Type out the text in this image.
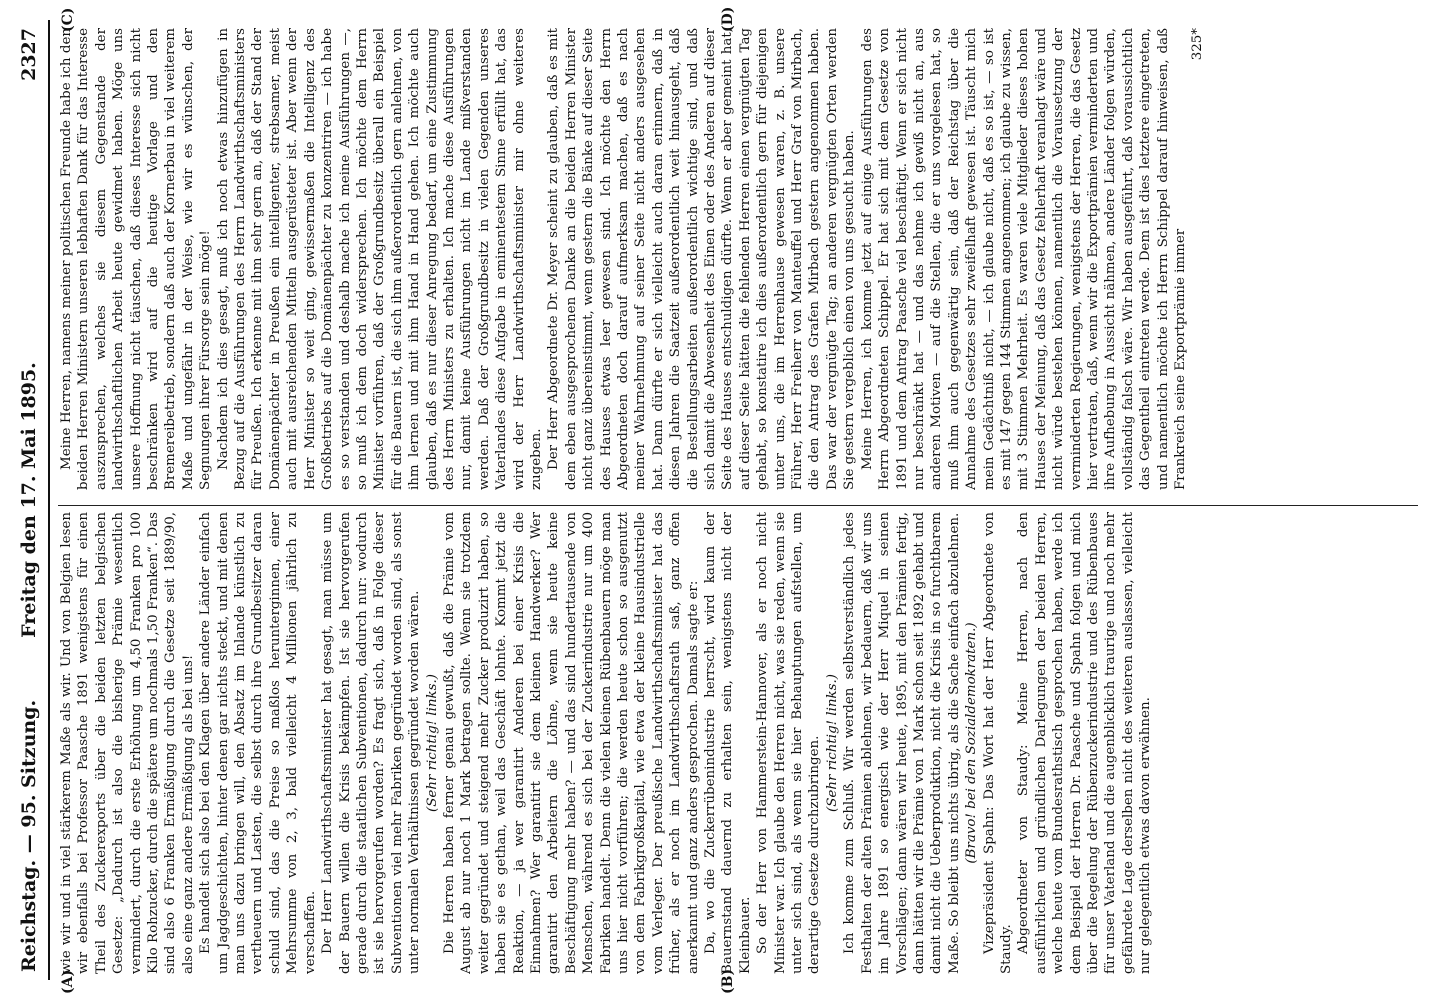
Reichstag. — 95. Sitzung.
Freitag den 17. Mai 1895.
2327
(A)	(B)
(C)	(D)

wie wir und in viel stärkerem Maße als wir. Und von Belgien lesen wir ebenfalls bei Professor Paasche 1891 wenigstens für einen Theil des Zuckerexports über die beiden letzten belgischen Gesetze: „Dadurch ist also die bisherige Prämie wesentlich vermindert, durch die erste Erhöhung um 4,50 Franken pro 100 Kilo Rohzucker, durch die spätere um nochmals 1,50 Franken“. Das sind also 6 Franken Ermäßigung durch die Gesetze seit 1889/90, also eine ganz andere Ermäßigung als bei uns! Es handelt sich also bei den Klagen über andere Länder einfach um Jagdgeschichten, hinter denen gar nichts steckt, und mit denen man uns dazu bringen will, den Absatz im Inlande künstlich zu vertheuern und Lasten, die selbst durch ihre Grundbesitzer daran schuld sind, das die Preise so maßlos herunterginnen, einer Mehrsumme von 2, 3, bald vielleicht 4 Millionen jährlich zu verschaffen. Der Herr Landwirthschaftsminister hat gesagt, man müsse um der Bauern willen die Krisis bekämpfen. Ist sie hervorgerufen gerade durch die staatlichen Subventionen, dadurch nur: wodurch ist sie hervorgerufen worden? Es fragt sich, daß in Folge dieser Subventionen viel mehr Fabriken gegründet worden sind, als sonst unter normalen Verhältnissen gegründet worden wären. (Sehr richtig! links.) Die Herren haben ferner genau gewußt, daß die Prämie vom August ab nur noch 1 Mark betragen sollte. Wenn sie trotzdem weiter gegründet und steigend mehr Zucker produzirt haben, so haben sie es gethan, weil das Geschäft lohnte. Kommt jetzt die Reaktion, — ja wer garantirt Anderen bei einer Krisis die Einnahmen? Wer garantirt sie dem kleinen Handwerker? Wer garantirt den Arbeitern die Löhne, wenn sie heute keine Beschäftigung mehr haben? — und das sind hunderttausende von Menschen, während es sich bei der Zuckerindustrie nur um 400 Fabriken handelt. Denn die vielen kleinen Rübenbauern möge man uns hier nicht vorführen; die werden heute schon so ausgenutzt von dem Fabrikgroßkapital, wie etwa der kleine Hausindustrielle vom Verleger. Der preußische Landwirthschaftsminister hat das früher, als er noch im Landwirthschaftsrath saß, ganz offen anerkannt und ganz anders gesprochen. Damals sagte er: Da, wo die Zuckerrübenindustrie herrscht, wird kaum der Bauernstand dauernd zu erhalten sein, wenigstens nicht der Kleinbauer. So der Herr von Hammerstein-Hannover, als er noch nicht Minister war. Ich glaube den Herren nicht, was sie reden, wenn sie unter sich sind, als wenn sie hier Behauptungen aufstellen, um derartige Gesetze durchzubringen. (Sehr richtig! links.) Ich komme zum Schluß. Wir werden selbstverständlich jedes Festhalten der alten Prämien ablehnen, wir bedauern, daß wir uns im Jahre 1891 so energisch wie der Herr Miquel in seinen Vorschlägen; dann wären wir heute, 1895, mit den Prämien fertig, dann hätten wir die Prämie von 1 Mark schon seit 1892 gehabt und damit nicht die Ueberproduktion, nicht die Krisis in so furchtbarem Maße. So bleibt uns nichts übrig, als die Sache einfach abzulehnen. (Bravo! bei den Sozialdemokraten.) Vizepräsident Spahn: Das Wort hat der Herr Abgeordnete von Staudy. Abgeordneter von Staudy: Meine Herren, nach den ausführlichen und gründlichen Darlegungen der beiden Herren, welche heute vom Bundesrathstisch gesprochen haben, werde ich dem Beispiel der Herren Dr. Paasche und Spahn folgen und mich über die Regelung der Rübenzuckerindustrie und des Rübenbaues für unser Vaterland und die augenblicklich traurige und noch mehr gefährdete Lage derselben nicht des weiteren auslassen, vielleicht nur gelegentlich etwas davon erwähnen.

Meine Herren, namens meiner politischen Freunde habe ich den beiden Herren Ministern unseren lebhaften Dank für das Interesse auszusprechen, welches sie diesem Gegenstande der landwirthschaftlichen Arbeit heute gewidmet haben. Möge uns unsere Hoffnung nicht täuschen, daß dieses Interesse sich nicht beschränken wird auf die heutige Vorlage und den Bremereibetrieb, sondern daß auch der Kornerbau in viel weiterem Maße und ungefähr in der Weise, wie wir es wünschen, der Segnungen ihrer Fürsorge sein möge! Nachdem ich dies gesagt, muß ich noch etwas hinzufügen in Bezug auf die Ausführungen des Herrn Landwirthschaftsministers für Preußen. Ich erkenne mit ihm sehr gern an, daß der Stand der Domänenpächter in Preußen ein intelligenter, strebsamer, meist auch mit ausreichenden Mitteln ausgerüsteter ist. Aber wenn der Herr Minister so weit ging, gewissermaßen die Intelligenz des Großbetriebs auf die Domänenpächter zu konzentriren — ich habe es so verstanden und deshalb mache ich meine Ausführungen —, so muß ich dem doch widersprechen. Ich möchte dem Herrn Minister vorführen, daß der Großgrundbesitz überall ein Beispiel für die Bauern ist, die sich ihm außerordentlich gern anlehnen, von ihm lernen und mit ihm Hand in Hand gehen. Ich möchte auch glauben, daß es nur dieser Anregung bedarf, um eine Zustimmung des Herrn Ministers zu erhalten. Ich mache diese Ausführungen nur, damit keine Ausführungen nicht im Lande mißverstanden werden. Daß der Großgrundbesitz in vielen Gegenden unseres Vaterlandes diese Aufgabe in eminentestem Sinne erfüllt hat, das wird der Herr Landwirthschaftsminister mir ohne weiteres zugeben. Der Herr Abgeordnete Dr. Meyer scheint zu glauben, daß es mit dem eben ausgesprochenen Danke an die beiden Herren Minister nicht ganz übereinstimmt, wenn gestern die Bänke auf dieser Seite des Hauses etwas leer gewesen sind. Ich möchte den Herrn Abgeordneten doch darauf aufmerksam machen, daß es nach meiner Wahrnehmung auf seiner Seite nicht anders ausgesehen hat. Dann dürfte er sich vielleicht auch daran erinnern, daß in diesen Jahren die Saatzeit außerordentlich weit hinausgeht, daß die Bestellungsarbeiten außerordentlich wichtige sind, und daß sich damit die Abwesenheit des Einen oder des Anderen auf dieser Seite des Hauses entschuldigen dürfte. Wenn er aber gemeint hat, auf dieser Seite hätten die fehlenden Herren einen vergnügten Tag gehabt, so konstatire ich dies außerordentlich gern für diejenigen unter uns, die im Herrenhause gewesen waren, z. B. unsere Führer, Herr Freiherr von Manteuffel und Herr Graf von Mirbach, die den Antrag des Grafen Mirbach gestern angenommen haben. Das war der vergnügte Tag; an anderen vergnügten Orten werden Sie gestern vergeblich einen von uns gesucht haben. Meine Herren, ich komme jetzt auf einige Ausführungen des Herrn Abgeordneten Schippel. Er hat sich mit dem Gesetze von 1891 und dem Antrag Paasche viel beschäftigt. Wenn er sich nicht nur beschränkt hat — und das nehme ich gewiß nicht an, aus anderen Motiven — auf die Stellen, die er uns vorgelesen hat, so muß ihm auch gegenwärtig sein, daß der Reichstag über die Annahme des Gesetzes sehr zweifelhaft gewesen ist. Täuscht mich mein Gedächtniß nicht, — ich glaube nicht, daß es so ist, — so ist es mit 147 gegen 144 Stimmen angenommen; ich glaube zu wissen, mit 3 Stimmen Mehrheit. Es waren viele Mitglieder dieses hohen Hauses der Meinung, daß das Gesetz fehlerhaft veranlagt wäre und nicht würde bestehen können, namentlich die Voraussetzung der verminderten Regierungen, wenigstens der Herren, die das Gesetz hier vertraten, daß, wenn wir die Exportprämien verminderten und ihre Aufhebung in Aussicht nähmen, andere Länder folgen würden, vollständig falsch wäre. Wir haben ausgeführt, daß voraussichtlich das Gegentheil eintreten werde. Dem ist dies letztere eingetreten, und namentlich möchte ich Herrn Schippel darauf hinweisen, daß Frankreich seine Exportprämie immer

325*
